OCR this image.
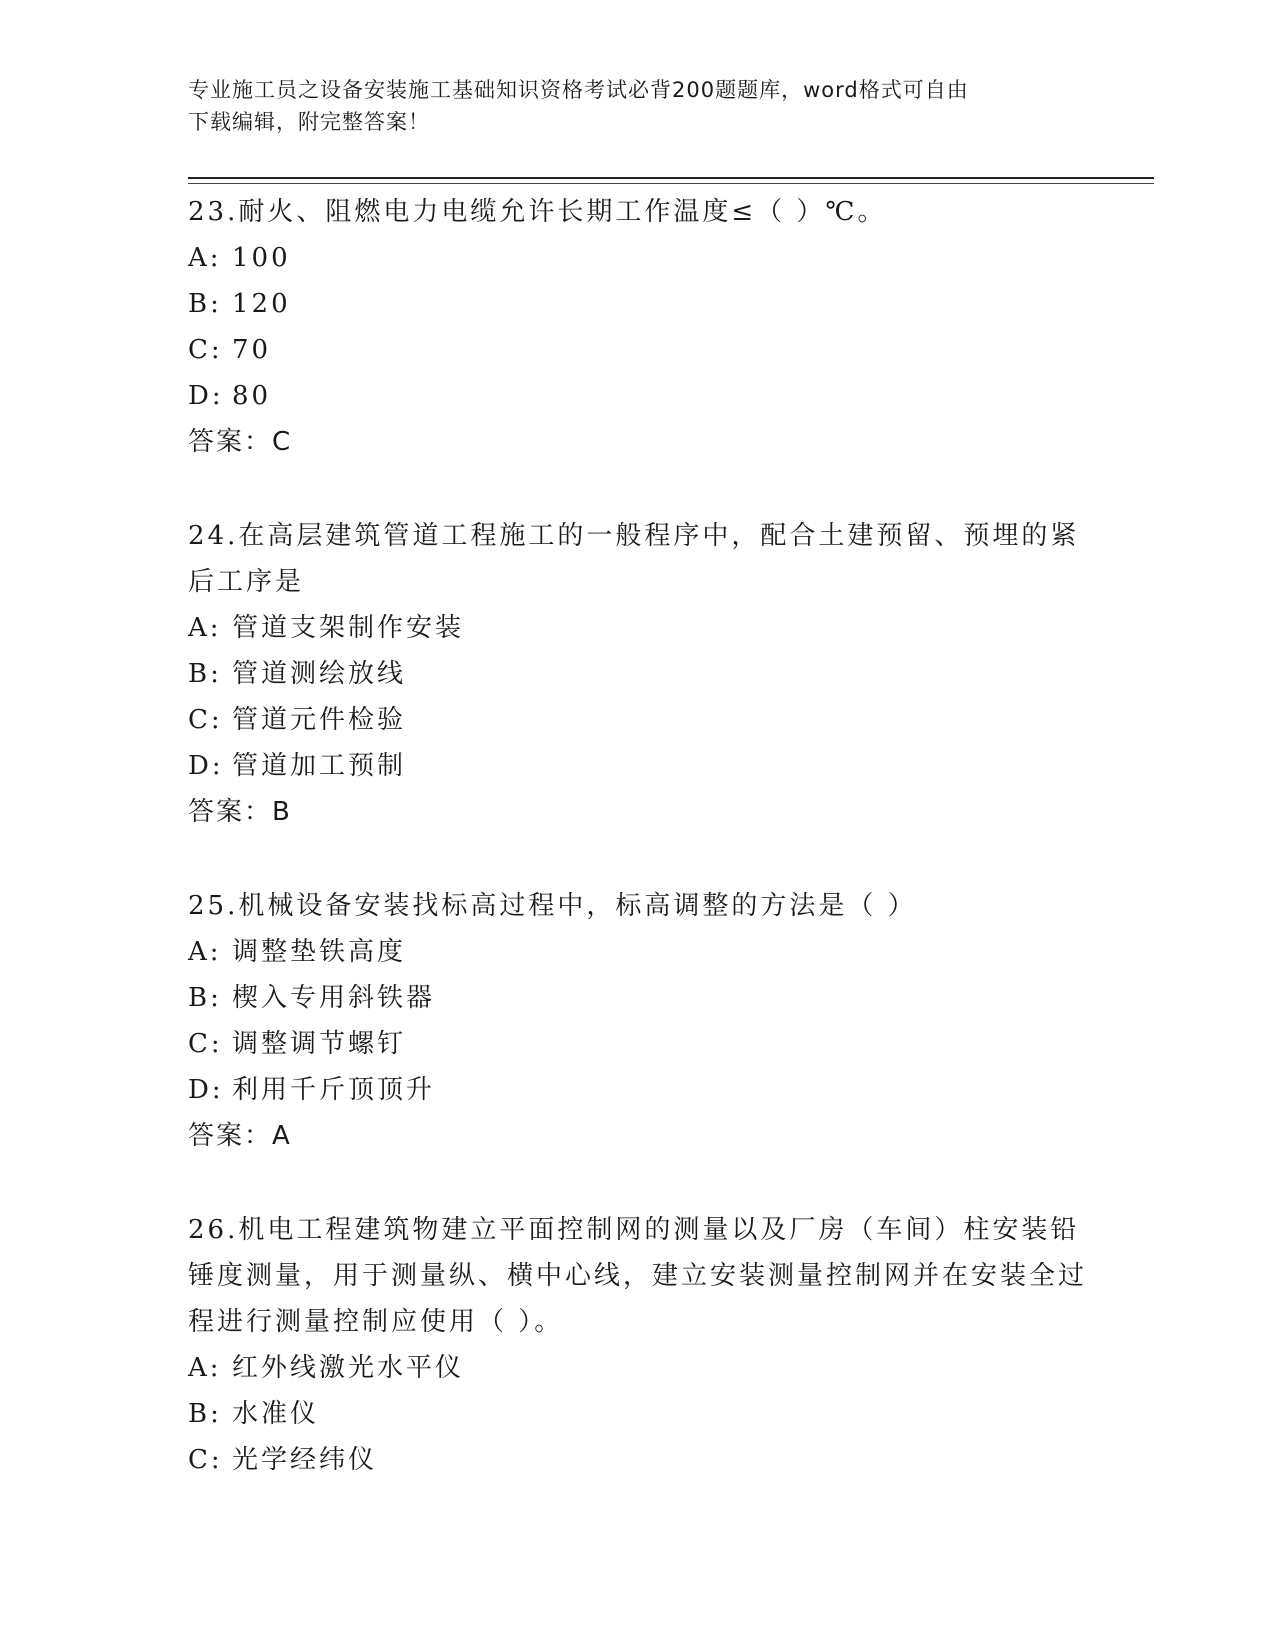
专业施工员之设备安装施工基础知识资格考试必背200题题库，word格式可自由
下载编辑，附完整答案！

23.耐火、阻燃电力电缆允许长期工作温度≤（ ）℃。

A: 100

B: 120

C: 70

D: 80

答案：C

24.在高层建筑管道工程施工的一般程序中，配合土建预留、预埋的紧后工序是

A: 管道支架制作安装

B: 管道测绘放线

C: 管道元件检验

D: 管道加工预制

答案：B

25.机械设备安装找标高过程中，标高调整的方法是（ ）

A: 调整垫铁高度

B: 楔入专用斜铁器

C: 调整调节螺钉

D: 利用千斤顶顶升

答案：A

26.机电工程建筑物建立平面控制网的测量以及厂房（车间）柱安装铅锤度测量，用于测量纵、横中心线，建立安装测量控制网并在安装全过程进行测量控制应使用（ ）。

A: 红外线激光水平仪

B: 水准仪

C: 光学经纬仪
